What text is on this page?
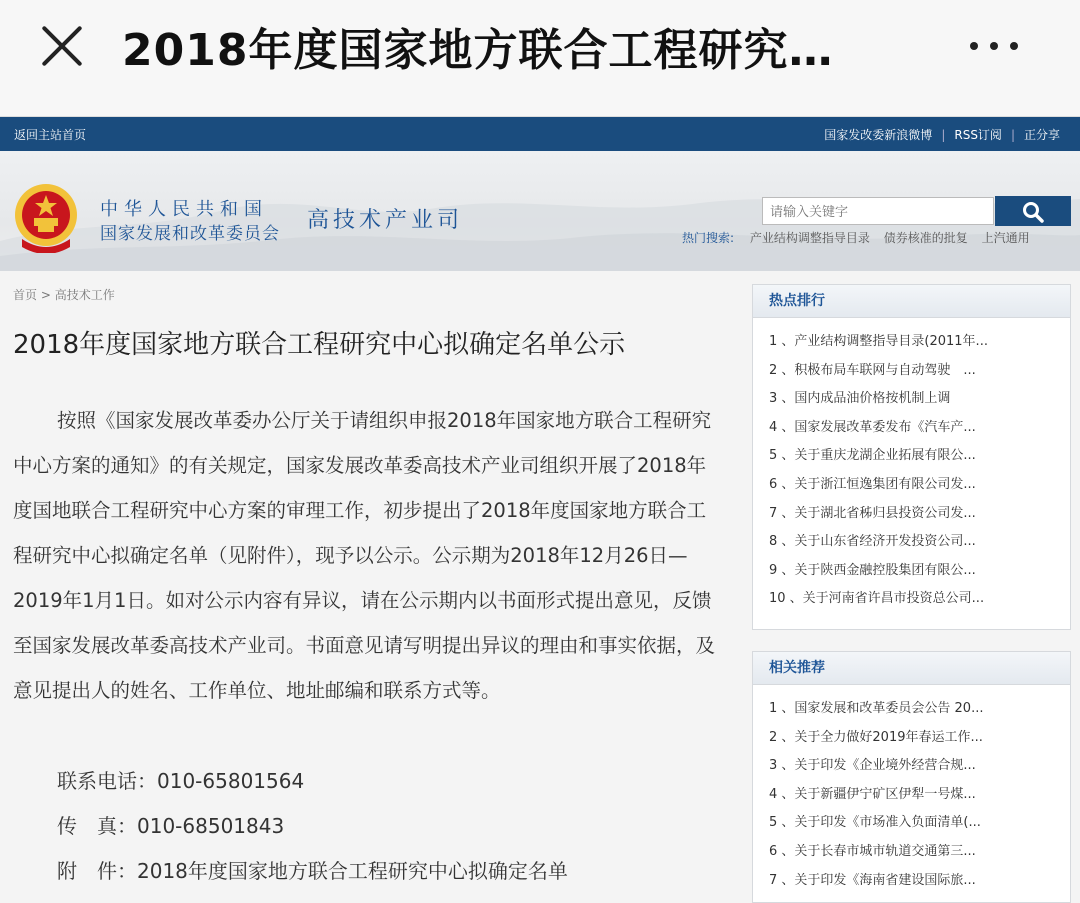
2018年度国家地方联合工程研究…
返回主站首页	国家发改委新浪微博 | RSS订阅 | 正分享
中华人民共和国
国家发展和改革委员会
高技术产业司
请输入关键字
热门搜索: 产业结构调整指导目录 债券核准的批复 上汽通用
首页 > 高技术工作
2018年度国家地方联合工程研究中心拟确定名单公示
按照《国家发展改革委办公厅关于请组织申报2018年国家地方联合工程研究中心方案的通知》的有关规定，国家发展改革委高技术产业司组织开展了2018年度国地联合工程研究中心方案的审理工作，初步提出了2018年度国家地方联合工程研究中心拟确定名单（见附件），现予以公示。公示期为2018年12月26日—2019年1月1日。如对公示内容有异议，请在公示期内以书面形式提出意见，反馈至国家发展改革委高技术产业司。书面意见请写明提出异议的理由和事实依据，及意见提出人的姓名、工作单位、地址邮编和联系方式等。
联系电话：010-65801564
传　真：010-68501843
附　件：2018年度国家地方联合工程研究中心拟确定名单
热点排行
1 、产业结构调整指导目录(2011年...
2 、积极布局车联网与自动驾驶　...
3 、国内成品油价格按机制上调
4 、国家发展改革委发布《汽车产...
5 、关于重庆龙湖企业拓展有限公...
6 、关于浙江恒逸集团有限公司发...
7 、关于湖北省秭归县投资公司发...
8 、关于山东省经济开发投资公司...
9 、关于陕西金融控股集团有限公...
10 、关于河南省许昌市投资总公司...
相关推荐
1 、国家发展和改革委员会公告 20...
2 、关于全力做好2019年春运工作...
3 、关于印发《企业境外经营合规...
4 、关于新疆伊宁矿区伊犁一号煤...
5 、关于印发《市场准入负面清单(...
6 、关于长春市城市轨道交通第三...
7 、关于印发《海南省建设国际旅...
